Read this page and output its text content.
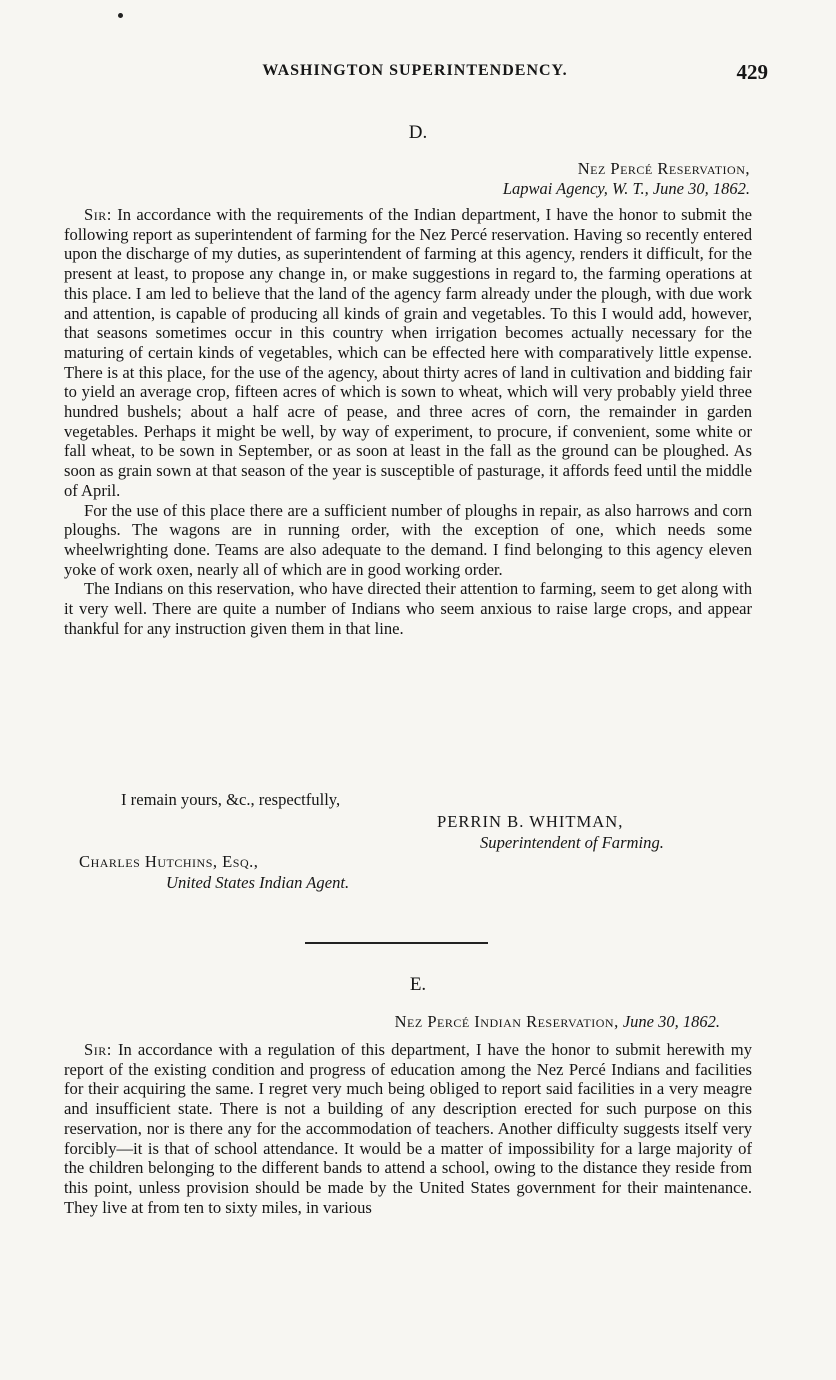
WASHINGTON SUPERINTENDENCY.	429
D.
Nez Percé Reservation,
Lapwai Agency, W. T., June 30, 1862.

Sir: In accordance with the requirements of the Indian department, I have the honor to submit the following report as superintendent of farming for the Nez Percé reservation. Having so recently entered upon the discharge of my duties, as superintendent of farming at this agency, renders it difficult, for the present at least, to propose any change in, or make suggestions in regard to, the farming operations at this place. I am led to believe that the land of the agency farm already under the plough, with due work and attention, is capable of producing all kinds of grain and vegetables. To this I would add, however, that seasons sometimes occur in this country when irrigation becomes actually necessary for the maturing of certain kinds of vegetables, which can be effected here with comparatively little expense. There is at this place, for the use of the agency, about thirty acres of land in cultivation and bidding fair to yield an average crop, fifteen acres of which is sown to wheat, which will very probably yield three hundred bushels; about a half acre of pease, and three acres of corn, the remainder in garden vegetables. Perhaps it might be well, by way of experiment, to procure, if convenient, some white or fall wheat, to be sown in September, or as soon at least in the fall as the ground can be ploughed. As soon as grain sown at that season of the year is susceptible of pasturage, it affords feed until the middle of April.

For the use of this place there are a sufficient number of ploughs in repair, as also harrows and corn ploughs. The wagons are in running order, with the exception of one, which needs some wheelwrighting done. Teams are also adequate to the demand. I find belonging to this agency eleven yoke of work oxen, nearly all of which are in good working order.

The Indians on this reservation, who have directed their attention to farming, seem to get along with it very well. There are quite a number of Indians who seem anxious to raise large crops, and appear thankful for any instruction given them in that line.

I remain yours, &c., respectfully,
PERRIN B. WHITMAN,
Superintendent of Farming.
Charles Hutchins, Esq.,
United States Indian Agent.
E.
Nez Percé Indian Reservation, June 30, 1862.

Sir: In accordance with a regulation of this department, I have the honor to submit herewith my report of the existing condition and progress of education among the Nez Percé Indians and facilities for their acquiring the same. I regret very much being obliged to report said facilities in a very meagre and insufficient state. There is not a building of any description erected for such purpose on this reservation, nor is there any for the accommodation of teachers. Another difficulty suggests itself very forcibly—it is that of school attendance. It would be a matter of impossibility for a large majority of the children belonging to the different bands to attend a school, owing to the distance they reside from this point, unless provision should be made by the United States government for their maintenance. They live at from ten to sixty miles, in various
